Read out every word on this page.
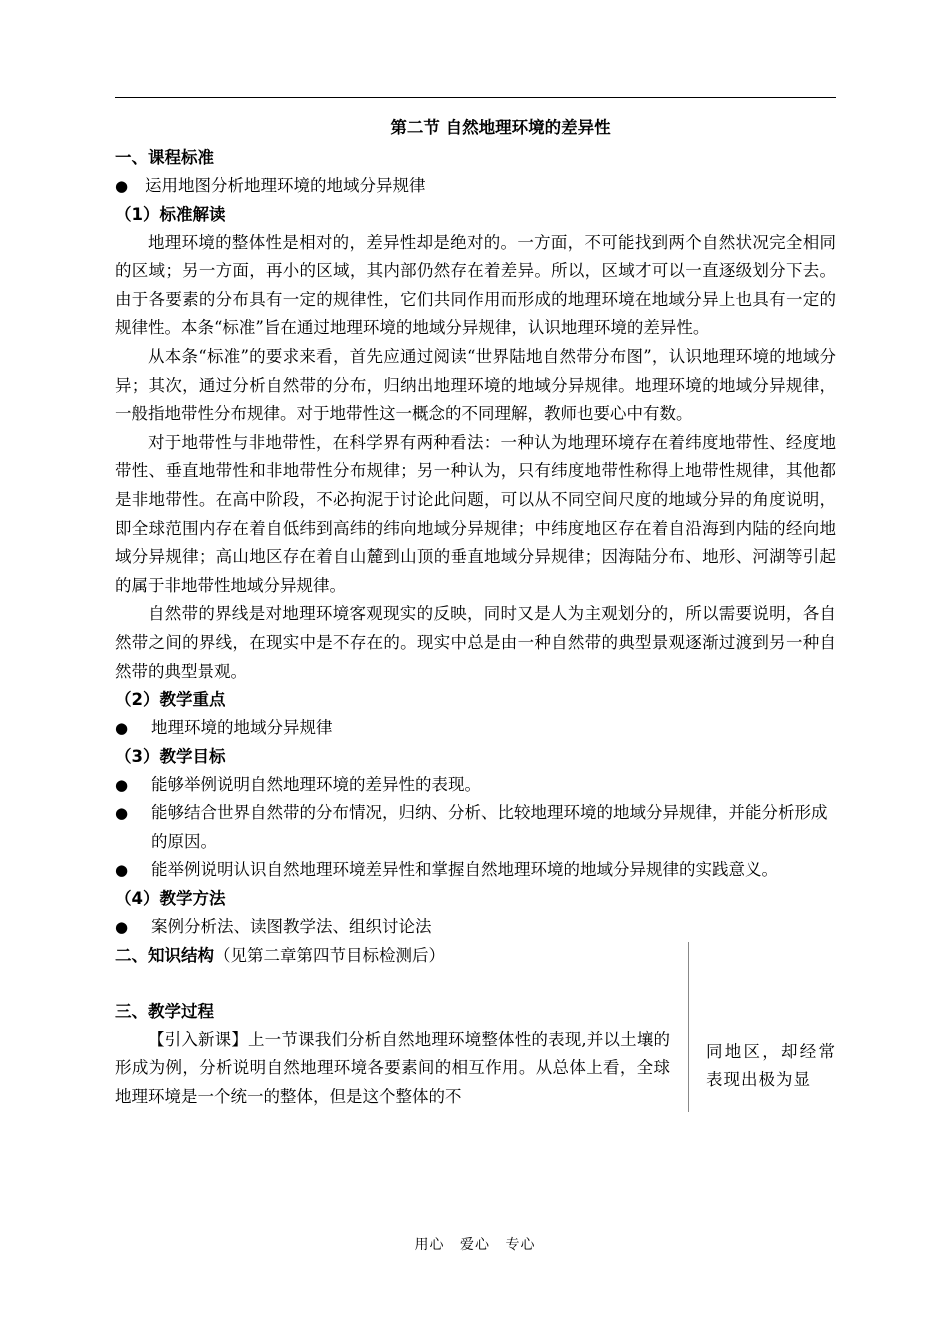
第二节 自然地理环境的差异性
一、课程标准
● 运用地图分析地理环境的地域分异规律
（1）标准解读

地理环境的整体性是相对的，差异性却是绝对的。一方面，不可能找到两个自然状况完全相同的区域；另一方面，再小的区域，其内部仍然存在着差异。所以，区域才可以一直逐级划分下去。由于各要素的分布具有一定的规律性，它们共同作用而形成的地理环境在地域分异上也具有一定的规律性。本条“标准”旨在通过地理环境的地域分异规律，认识地理环境的差异性。

从本条“标准”的要求来看，首先应通过阅读“世界陆地自然带分布图”，认识地理环境的地域分异；其次，通过分析自然带的分布，归纳出地理环境的地域分异规律。地理环境的地域分异规律，一般指地带性分布规律。对于地带性这一概念的不同理解，教师也要心中有数。

对于地带性与非地带性，在科学界有两种看法：一种认为地理环境存在着纬度地带性、经度地带性、垂直地带性和非地带性分布规律；另一种认为，只有纬度地带性称得上地带性规律，其他都是非地带性。在高中阶段，不必拘泥于讨论此问题，可以从不同空间尺度的地域分异的角度说明，即全球范围内存在着自低纬到高纬的纬向地域分异规律；中纬度地区存在着自沿海到内陆的经向地域分异规律；高山地区存在着自山麓到山顶的垂直地域分异规律；因海陆分布、地形、河湖等引起的属于非地带性地域分异规律。

自然带的界线是对地理环境客观现实的反映，同时又是人为主观划分的，所以需要说明，各自然带之间的界线，在现实中是不存在的。现实中总是由一种自然带的典型景观逐渐过渡到另一种自然带的典型景观。

（2）教学重点
● 地理环境的地域分异规律
（3）教学目标
● 能够举例说明自然地理环境的差异性的表现。
● 能够结合世界自然带的分布情况，归纳、分析、比较地理环境的地域分异规律，并能分析形成的原因。
● 能举例说明认识自然地理环境差异性和掌握自然地理环境的地域分异规律的实践意义。
（4）教学方法
● 案例分析法、读图教学法、组织讨论法
二、知识结构（见第二章第四节目标检测后）
三、教学过程

【引入新课】上一节课我们分析自然地理环境整体性的表现,并以土壤的形成为例，分析说明自然地理环境各要素间的相互作用。从总体上看，全球地理环境是一个统一的整体，但是这个整体的不

同地区，却经常表现出极为显
用心 爱心 专心
